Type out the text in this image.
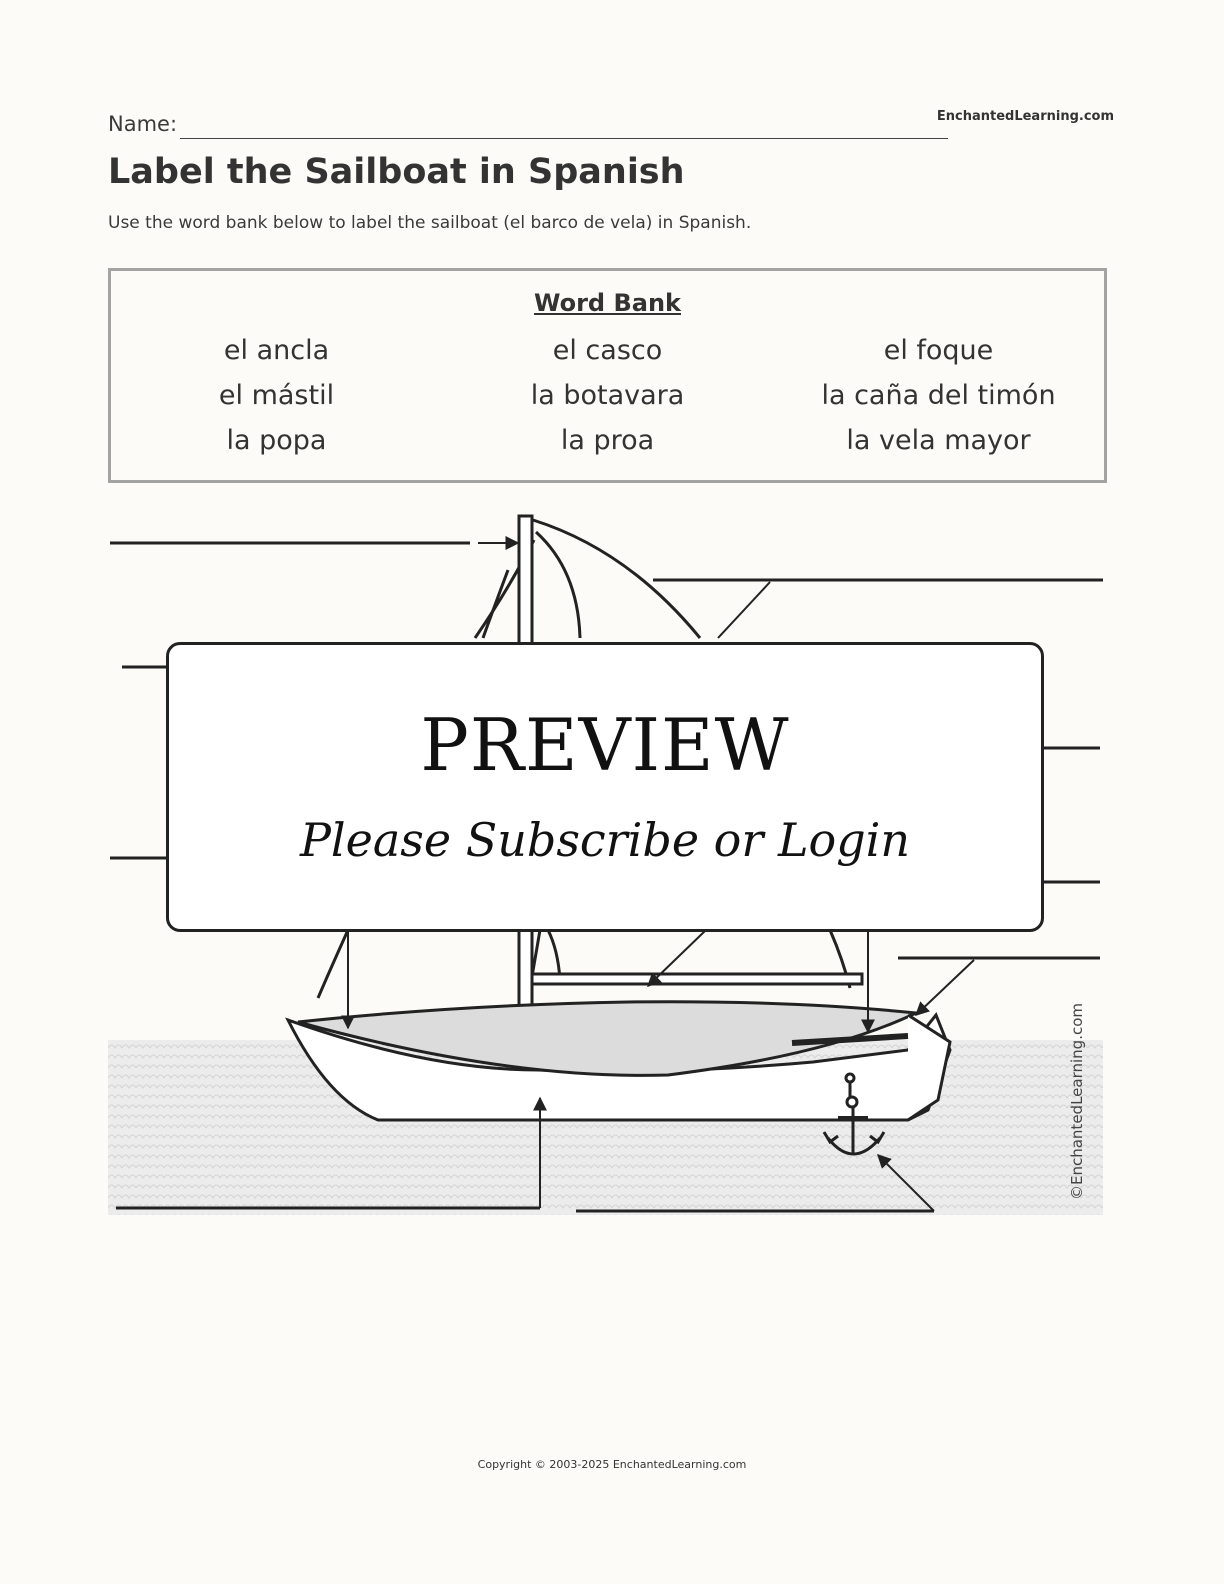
Name:	EnchantedLearning.com
Label the Sailboat in Spanish
Use the word bank below to label the sailboat (el barco de vela) in Spanish.
Word Bank
el ancla	el casco	el foque
el mástil	la botavara	la caña del timón
la popa	la proa	la vela mayor
©EnchantedLearning.com
PREVIEW
Please Subscribe or Login
Copyright © 2003-2025 EnchantedLearning.com
